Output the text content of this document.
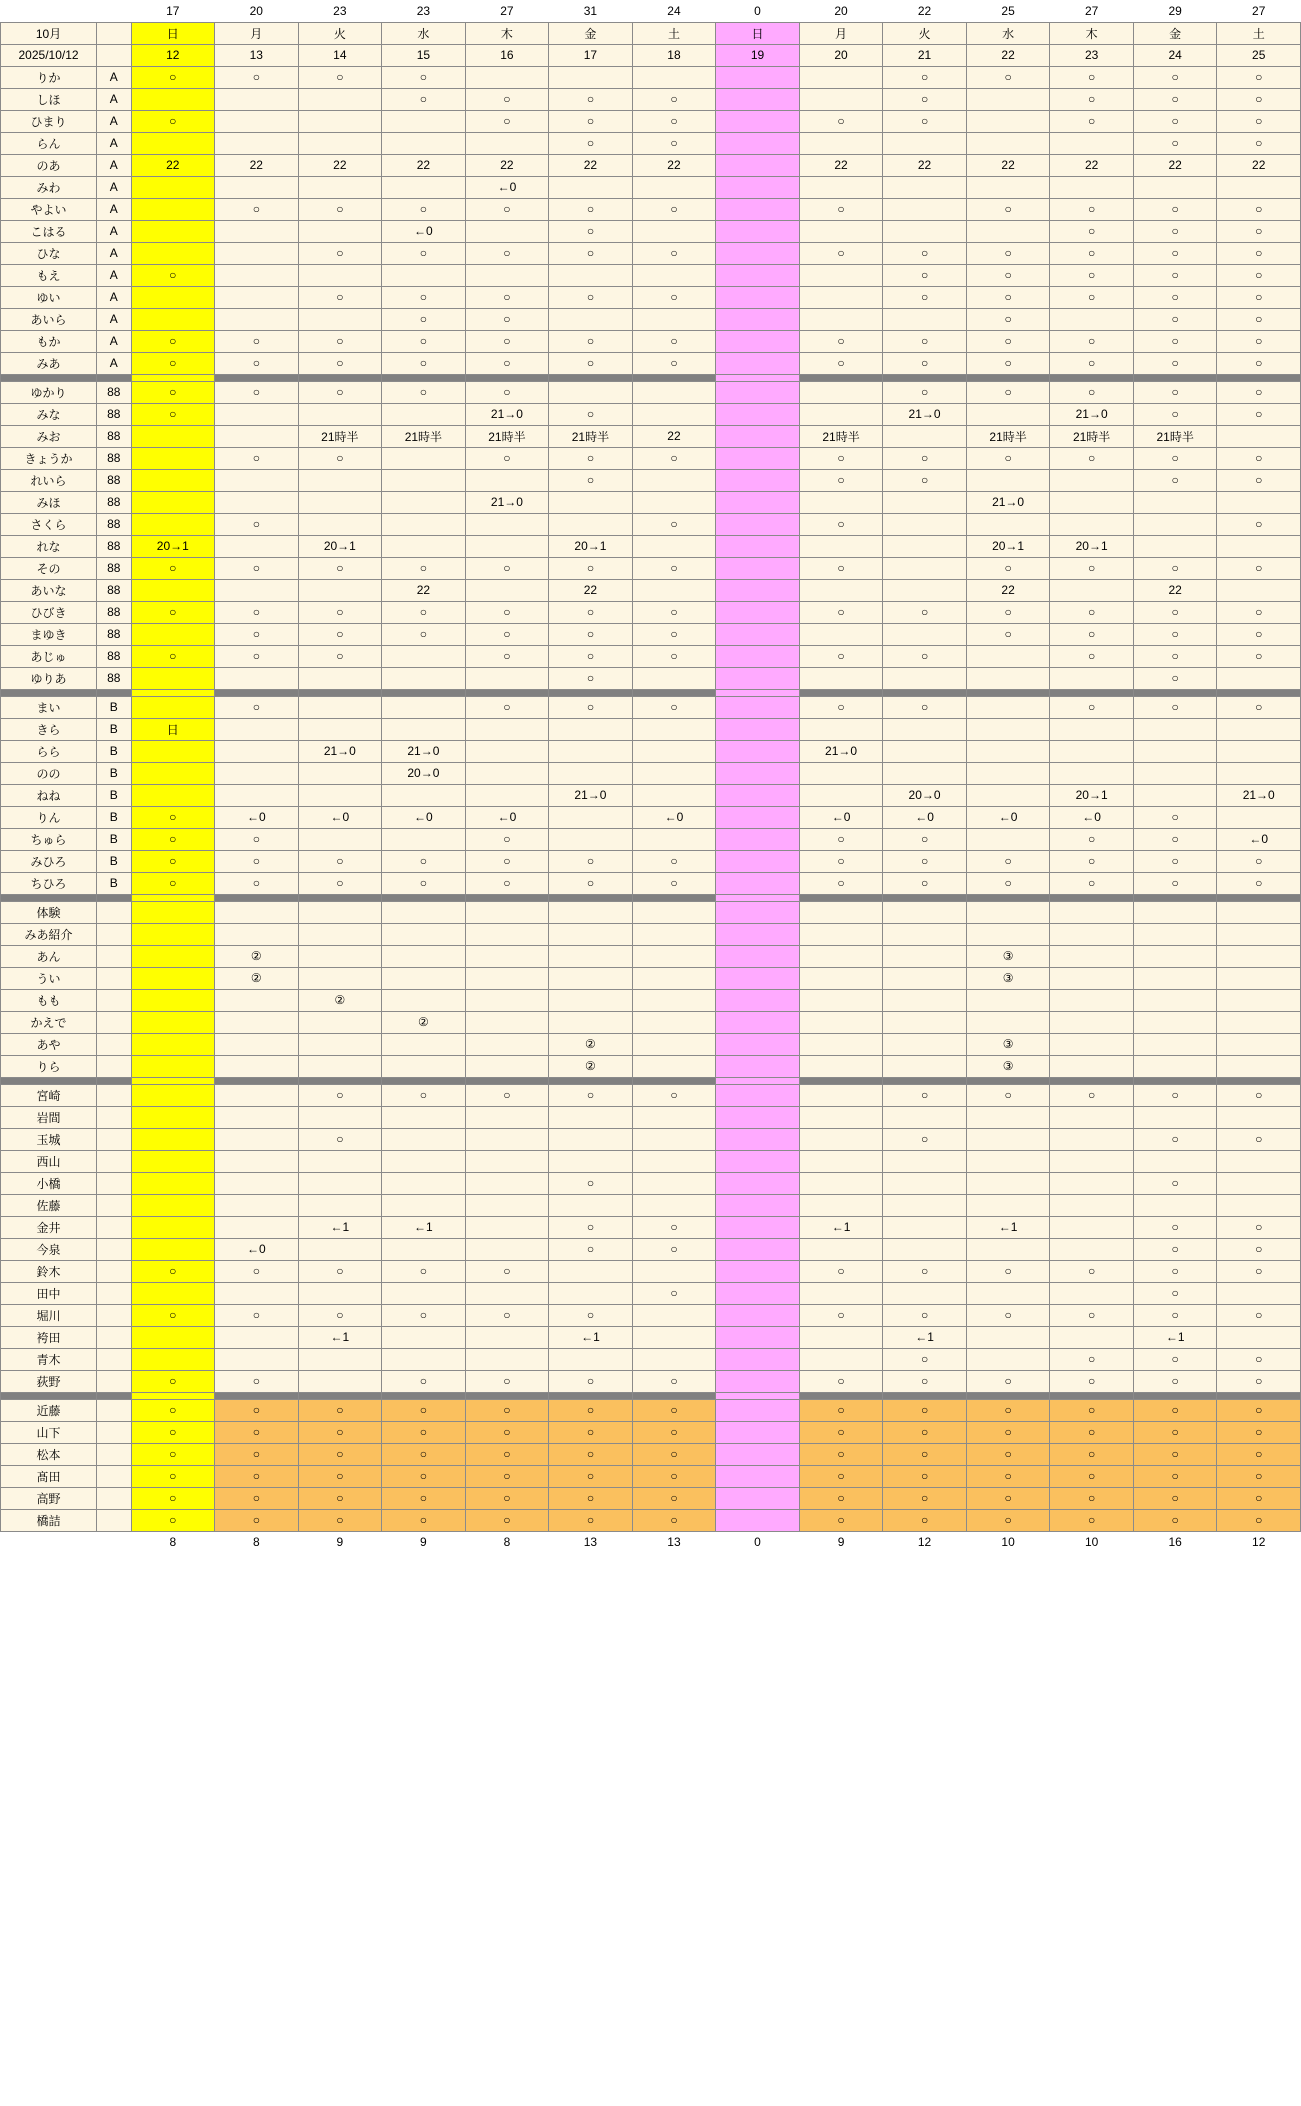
		17	20	23	23	27	31	24	0	20	22	25	27	29	27
10月		日	月	火	水	木	金	土	日	月	火	水	木	金	土
2025/10/12		12	13	14	15	16	17	18	19	20	21	22	23	24	25
りか	A	○	○	○	○						○	○	○	○	○
しほ	A				○	○	○	○			○		○	○	○
ひまり	A	○				○	○	○		○	○		○	○	○
らん	A						○	○						○	○
のあ	A	22	22	22	22	22	22	22		22	22	22	22	22	22
みわ	A					←0									
やよい	A		○	○	○	○	○	○		○		○	○	○	○
こはる	A				←0		○						○	○	○
ひな	A			○	○	○	○	○		○	○	○	○	○	○
もえ	A	○									○	○	○	○	○
ゆい	A			○	○	○	○	○			○	○	○	○	○
あいら	A				○	○						○		○	○
もか	A	○	○	○	○	○	○	○		○	○	○	○	○	○
みあ	A	○	○	○	○	○	○	○		○	○	○	○	○	○

ゆかり	88	○	○	○	○	○					○	○	○	○	○
みな	88	○				21→0	○				21→0		21→0	○	○
みお	88			21時半	21時半	21時半	21時半	22		21時半		21時半	21時半	21時半	
きょうか	88		○	○		○	○	○		○	○	○	○	○	○
れいら	88						○			○	○			○	○
みほ	88					21→0						21→0			
さくら	88		○					○		○					○
れな	88	20→1		20→1			20→1					20→1	20→1		
その	88	○	○	○	○	○	○	○		○		○	○	○	○
あいな	88				22		22					22		22	
ひびき	88	○	○	○	○	○	○	○		○	○	○	○	○	○
まゆき	88		○	○	○	○	○	○				○	○	○	○
あじゅ	88	○	○	○		○	○	○		○	○		○	○	○
ゆりあ	88						○							○	

まい	B		○			○	○	○		○	○		○	○	○
きら	B	日													
らら	B			21→0	21→0					21→0					
のの	B				20→0										
ねね	B						21→0				20→0		20→1		21→0
りん	B	○	←0	←0	←0	←0		←0		←0	←0	←0	←0	○	
ちゅら	B	○	○			○				○	○		○	○	←0
みひろ	B	○	○	○	○	○	○	○		○	○	○	○	○	○
ちひろ	B	○	○	○	○	○	○	○		○	○	○	○	○	○

体験															
みあ紹介															
あん			②									③			
うい			②									③			
もも				②											
かえで					②										
あや							②					③			
りら							②					③			

宮崎				○	○	○	○	○			○	○	○	○	○
岩間															
玉城				○							○			○	○
西山															
小橋							○							○	
佐藤															
金井				←1	←1		○	○		←1		←1		○	○
今泉			←0				○	○						○	○
鈴木		○	○	○	○	○				○	○	○	○	○	○
田中								○						○	
堀川		○	○	○	○	○	○			○	○	○	○	○	○
袴田				←1			←1				←1			←1	
青木											○		○	○	○
荻野		○	○		○	○	○	○		○	○	○	○	○	○

近藤		○	○	○	○	○	○	○		○	○	○	○	○	○
山下		○	○	○	○	○	○	○		○	○	○	○	○	○
松本		○	○	○	○	○	○	○		○	○	○	○	○	○
髙田		○	○	○	○	○	○	○		○	○	○	○	○	○
高野		○	○	○	○	○	○	○		○	○	○	○	○	○
橋詰		○	○	○	○	○	○	○		○	○	○	○	○	○
		8	8	9	9	8	13	13	0	9	12	10	10	16	12
